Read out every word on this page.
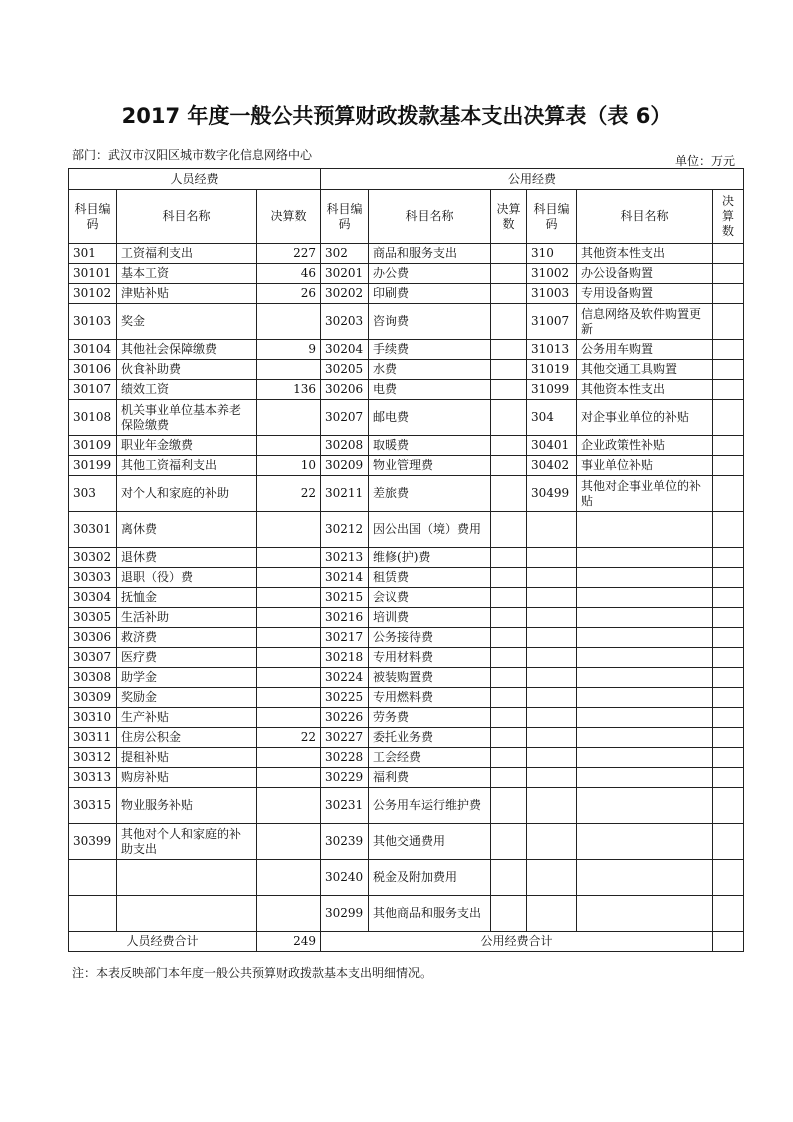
2017 年度一般公共预算财政拨款基本支出决算表（表 6）
部门：武汉市汉阳区城市数字化信息网络中心	单位：万元
人员经费			公用经费					
科目编码	科目名称	决算数	科目编码	科目名称	决算数	科目编码	科目名称	决算数
301	工资福利支出	227	302	商品和服务支出		310	其他资本性支出	
30101	基本工资	46	30201	办公费		31002	办公设备购置	
30102	津贴补贴	26	30202	印刷费		31003	专用设备购置	
30103	奖金		30203	咨询费		31007	信息网络及软件购置更新	
30104	其他社会保障缴费	9	30204	手续费		31013	公务用车购置	
30106	伙食补助费		30205	水费		31019	其他交通工具购置	
30107	绩效工资	136	30206	电费		31099	其他资本性支出	
30108	机关事业单位基本养老保险缴费		30207	邮电费		304	对企事业单位的补贴	
30109	职业年金缴费		30208	取暖费		30401	企业政策性补贴	
30199	其他工资福利支出	10	30209	物业管理费		30402	事业单位补贴	
303	对个人和家庭的补助	22	30211	差旅费		30499	其他对企事业单位的补贴	
30301	离休费		30212	因公出国（境）费用				
30302	退休费		30213	维修(护)费				
30303	退职（役）费		30214	租赁费				
30304	抚恤金		30215	会议费				
30305	生活补助		30216	培训费				
30306	救济费		30217	公务接待费				
30307	医疗费		30218	专用材料费				
30308	助学金		30224	被装购置费				
30309	奖励金		30225	专用燃料费				
30310	生产补贴		30226	劳务费				
30311	住房公积金	22	30227	委托业务费				
30312	提租补贴		30228	工会经费				
30313	购房补贴		30229	福利费				
30315	物业服务补贴		30231	公务用车运行维护费				
30399	其他对个人和家庭的补助支出		30239	其他交通费用				
			30240	税金及附加费用				
			30299	其他商品和服务支出				
人员经费合计		249	公用经费合计					
注：本表反映部门本年度一般公共预算财政拨款基本支出明细情况。
